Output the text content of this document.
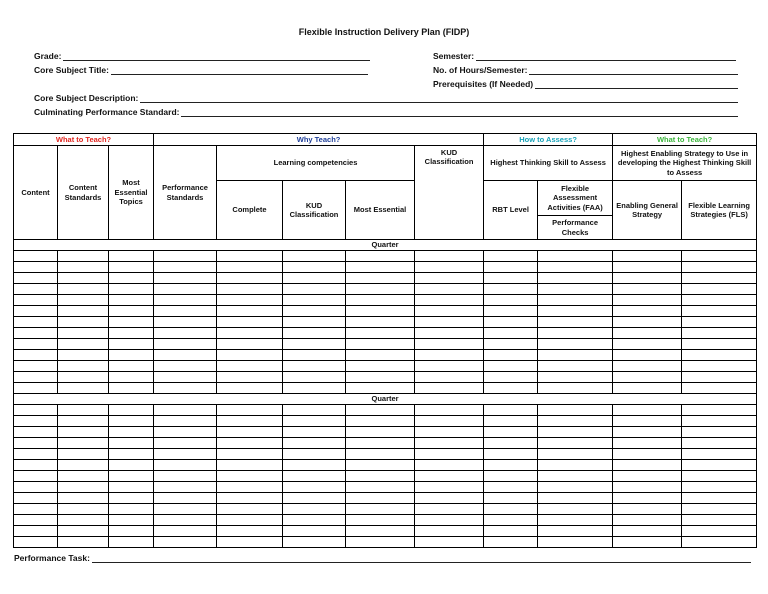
Flexible Instruction Delivery Plan (FIDP)
Grade:
Core Subject Title:
Semester:
No. of Hours/Semester:
Prerequisites (If Needed)
Core Subject Description:
Culminating Performance Standard:
What to Teach?			Why Teach?					How to Assess?		What to Teach?	
Content	Content Standards	Most Essential Topics	Performance Standards	Learning competencies			KUD Classification	Highest Thinking Skill to Assess		Highest Enabling Strategy to Use in developing the Highest Thinking Skill to Assess	
				Complete	KUD Classification	Most Essential		RBT Level	Flexible Assessment Activities (FAA)	Enabling General Strategy	Flexible Learning Strategies (FLS)
									Performance Checks		
Quarter											

Quarter											

Performance Task:
